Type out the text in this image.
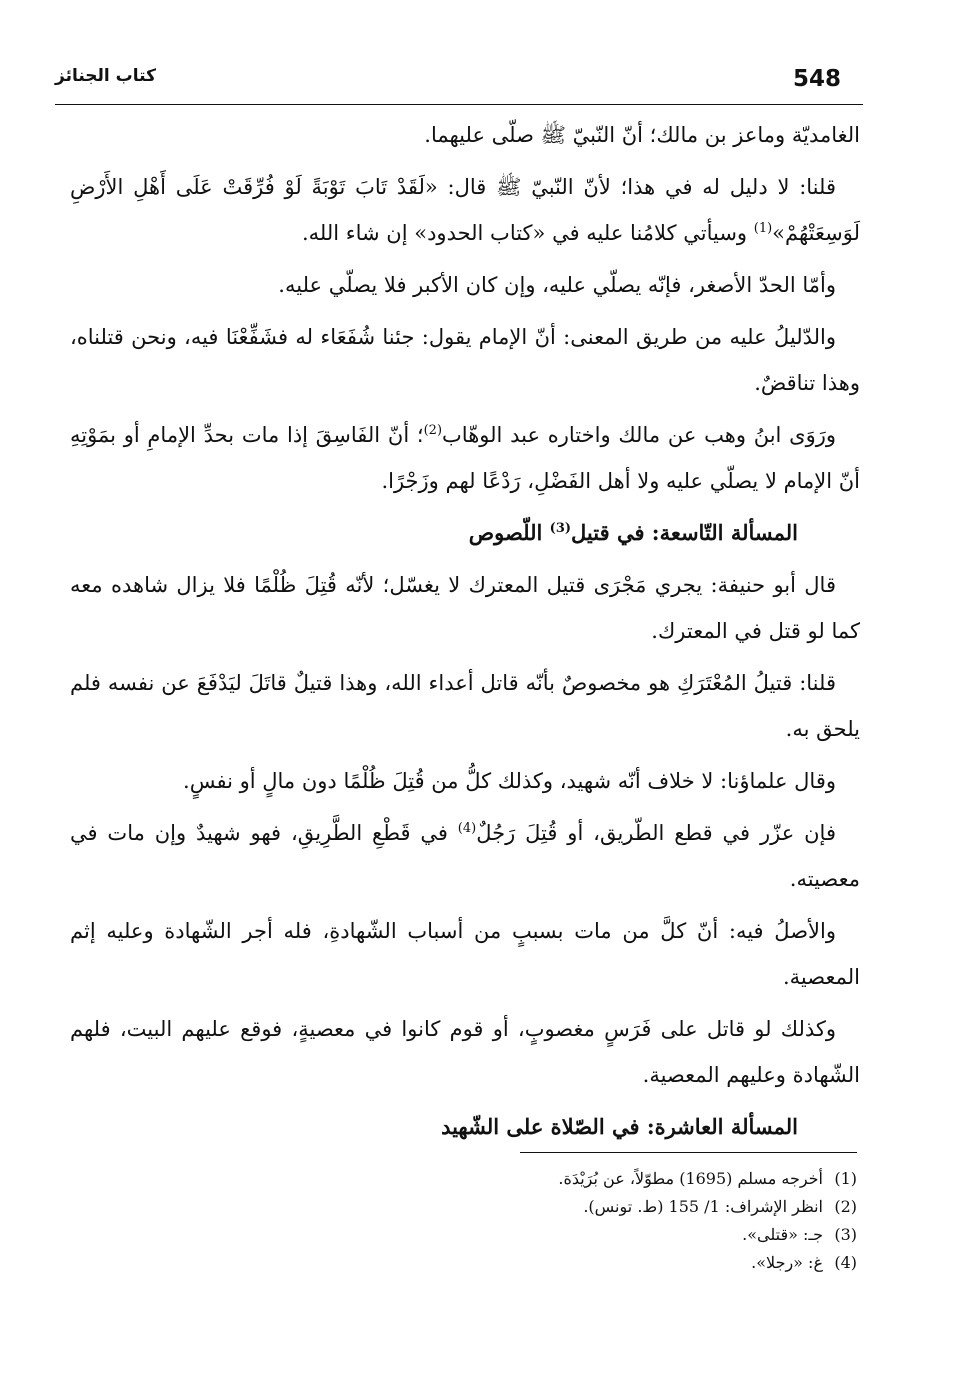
548
كتاب الجنائز

الغامديّة وماعز بن مالك؛ أنّ النّبيّ ﷺ صلّى عليهما.

قلنا: لا دليل له في هذا؛ لأنّ النّبيّ ﷺ قال: «لَقَدْ تَابَ تَوْبَةً لَوْ فُرِّقَتْ عَلَى أَهْلِ الأَرْضِ لَوَسِعَتْهُمْ»$^{(1)}$ وسيأتي كلامُنا عليه في «كتاب الحدود» إن شاء الله.

وأمّا الحدّ الأصغر، فإنّه يصلّي عليه، وإن كان الأكبر فلا يصلّي عليه.

والدّليلُ عليه من طريق المعنى: أنّ الإمام يقول: جئنا شُفَعَاء له فشَفِّعْنَا فيه، ونحن قتلناه، وهذا تناقضٌ.

ورَوَى ابنُ وهب عن مالك واختاره عبد الوهّاب$^{(2)}$؛ أنّ الفَاسِقَ إذا مات بحدِّ الإمامِ أو بمَوْتِهِ أنّ الإمام لا يصلّي عليه ولا أهل الفَضْلِ، رَدْعًا لهم وزَجْرًا.

المسألة التّاسعة: في قتيل$^{(3)}$ اللّصوص

قال أبو حنيفة: يجري مَجْرَى قتيل المعترك لا يغسّل؛ لأنّه قُتِلَ ظُلْمًا فلا يزال شاهده معه كما لو قتل في المعترك.

قلنا: قتيلُ المُعْتَرَكِ هو مخصوصٌ بأنّه قاتل أعداء الله، وهذا قتيلٌ قاتَلَ ليَدْفَعَ عن نفسه فلم يلحق به.

وقال علماؤنا: لا خلاف أنّه شهيد، وكذلك كلُّ من قُتِلَ ظُلْمًا دون مالٍ أو نفسٍ.

فإن عزّر في قطع الطّريق، أو قُتِلَ رَجُلٌ$^{(4)}$ في قَطْعِ الطَّرِيقِ، فهو شهيدٌ وإن مات في معصيته.

والأصلُ فيه: أنّ كلَّ من مات بسببٍ من أسباب الشّهادةِ، فله أجر الشّهادة وعليه إثم المعصية.

وكذلك لو قاتل على فَرَسٍ مغصوبٍ، أو قوم كانوا في معصيةٍ، فوقع عليهم البيت، فلهم الشّهادة وعليهم المعصية.

المسألة العاشرة: في الصّلاة على الشّهيد
(1)أخرجه مسلم (1695) مطوّلاً، عن بُرَيْدَة.
(2)انظر الإشراف: 1/ 155 (ط. تونس).
(3)جـ: «قتلى».
(4)غ: «رجلا».
